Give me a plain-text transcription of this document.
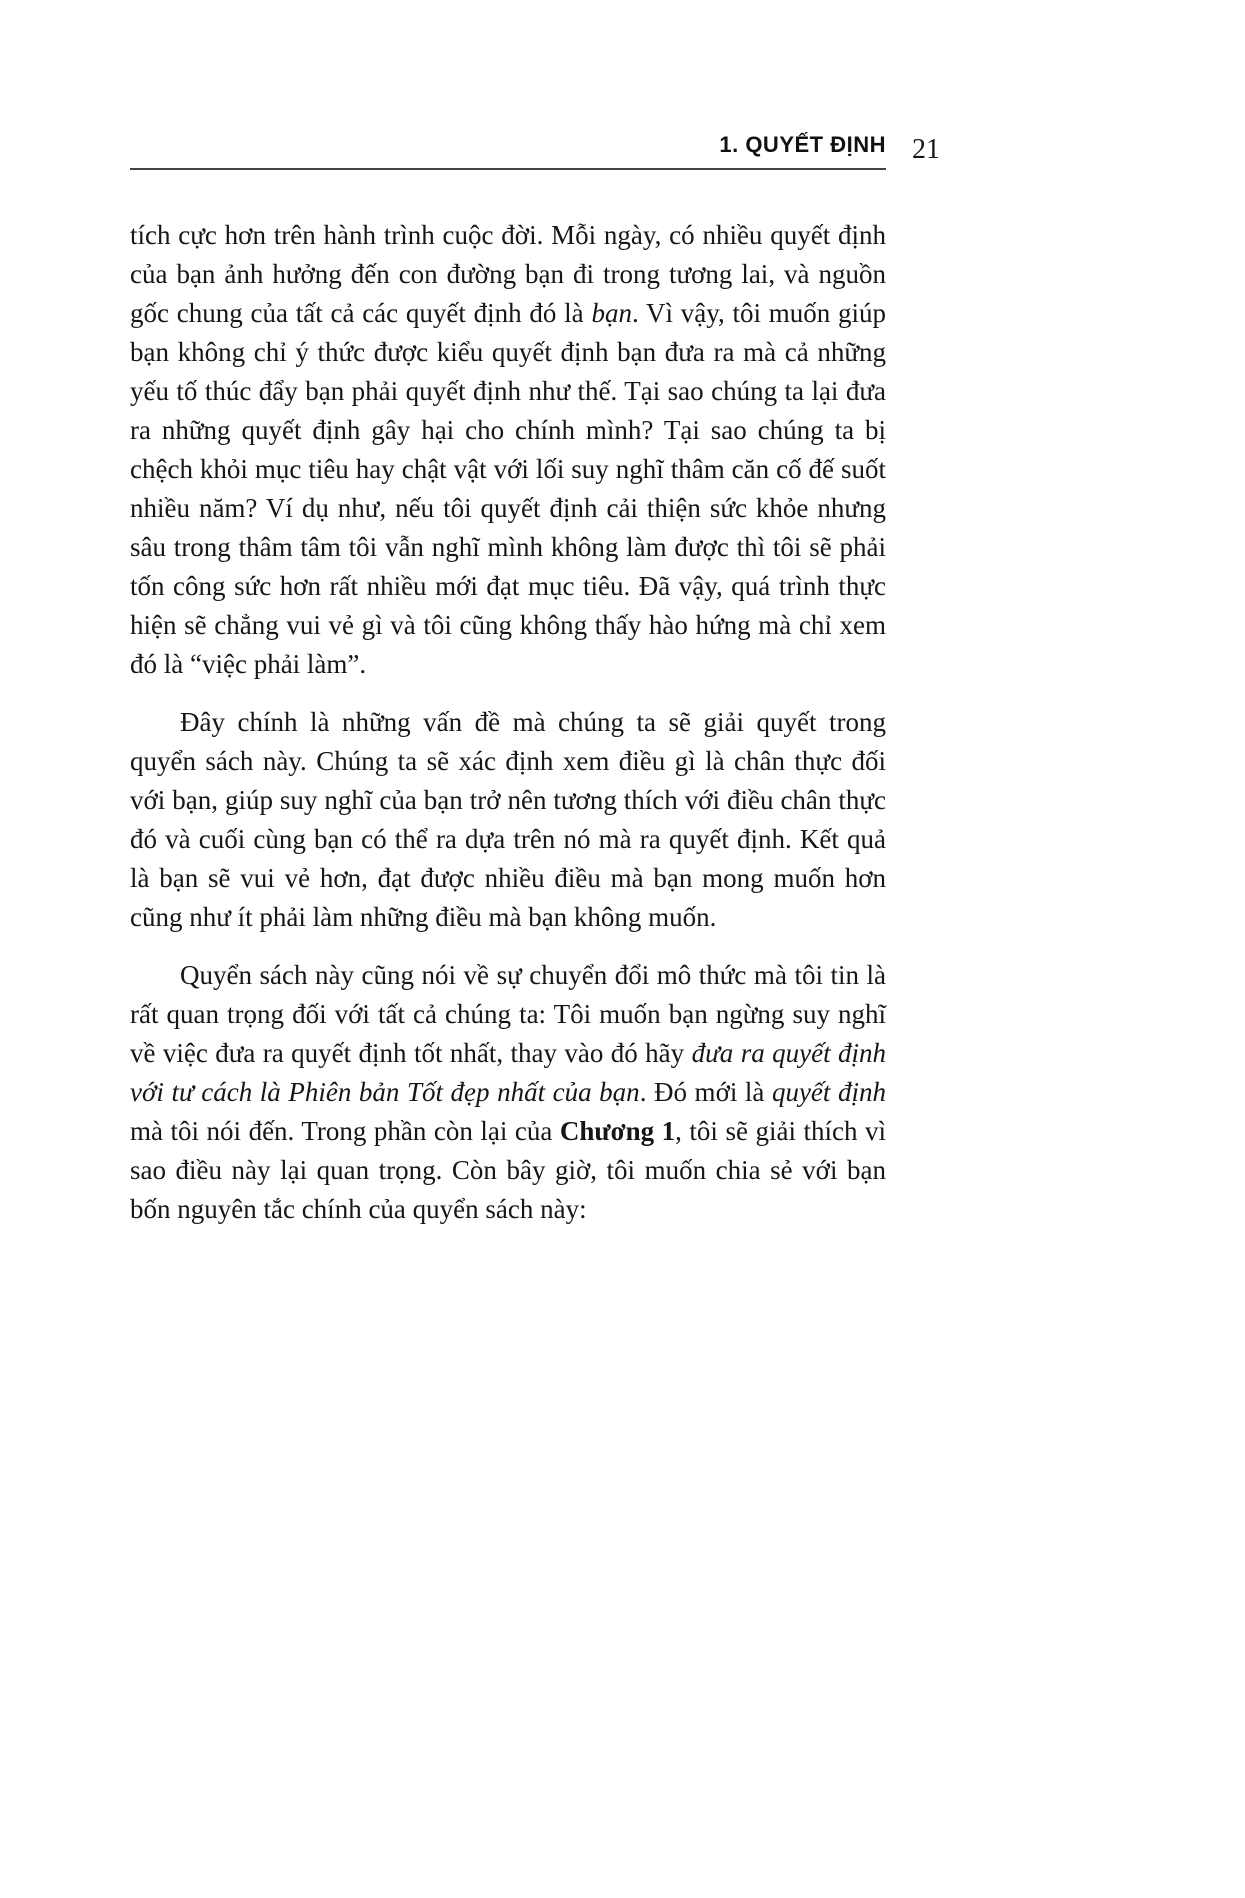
1. QUYẾT ĐỊNH 21

tích cực hơn trên hành trình cuộc đời. Mỗi ngày, có nhiều quyết định của bạn ảnh hưởng đến con đường bạn đi trong tương lai, và nguồn gốc chung của tất cả các quyết định đó là bạn. Vì vậy, tôi muốn giúp bạn không chỉ ý thức được kiểu quyết định bạn đưa ra mà cả những yếu tố thúc đẩy bạn phải quyết định như thế. Tại sao chúng ta lại đưa ra những quyết định gây hại cho chính mình? Tại sao chúng ta bị chệch khỏi mục tiêu hay chật vật với lối suy nghĩ thâm căn cố đế suốt nhiều năm? Ví dụ như, nếu tôi quyết định cải thiện sức khỏe nhưng sâu trong thâm tâm tôi vẫn nghĩ mình không làm được thì tôi sẽ phải tốn công sức hơn rất nhiều mới đạt mục tiêu. Đã vậy, quá trình thực hiện sẽ chẳng vui vẻ gì và tôi cũng không thấy hào hứng mà chỉ xem đó là “việc phải làm”.

Đây chính là những vấn đề mà chúng ta sẽ giải quyết trong quyển sách này. Chúng ta sẽ xác định xem điều gì là chân thực đối với bạn, giúp suy nghĩ của bạn trở nên tương thích với điều chân thực đó và cuối cùng bạn có thể ra dựa trên nó mà ra quyết định. Kết quả là bạn sẽ vui vẻ hơn, đạt được nhiều điều mà bạn mong muốn hơn cũng như ít phải làm những điều mà bạn không muốn.

Quyển sách này cũng nói về sự chuyển đổi mô thức mà tôi tin là rất quan trọng đối với tất cả chúng ta: Tôi muốn bạn ngừng suy nghĩ về việc đưa ra quyết định tốt nhất, thay vào đó hãy đưa ra quyết định với tư cách là Phiên bản Tốt đẹp nhất của bạn. Đó mới là quyết định mà tôi nói đến. Trong phần còn lại của Chương 1, tôi sẽ giải thích vì sao điều này lại quan trọng. Còn bây giờ, tôi muốn chia sẻ với bạn bốn nguyên tắc chính của quyển sách này:
